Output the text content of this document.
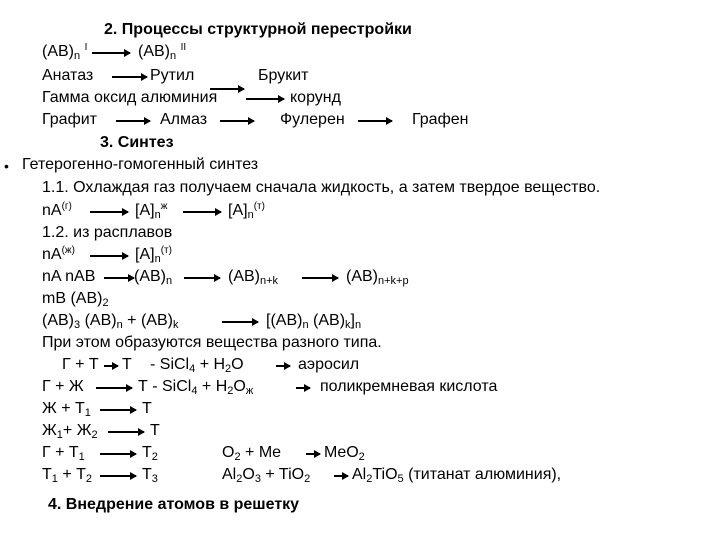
2. Процессы структурной перестройки
$(AB)_n$ $^I$	$(AB)_n$ $^{II}$
Анатаз	Рутил	Брукит
Гамма оксид алюминия	корунд
Графит	Алмаз	Фулерен	Графен
3. Синтез
• Гетерогенно-гомогенный синтез
1.1. Охлаждая газ получаем сначала жидкость, а затем твердое вещество.
$nA^{(г)}$	$[A]_n^ж$	$[A]_n^{(т)}$
1.2. из расплавов
$nA^{(ж)}$	$[A]_n^{(т)}$
nA nAB $(AB)_n$	$(AB)_{n+k}$	$(AB)_{n+k+p}$
mB $(AB)_2$
$(AB)_3$ $(AB)_n + (AB)_k$	[$(AB)_n$ $(AB)_k]_n$
При этом образуются вещества разного типа.
Г + Т Т - SiCl$_4$ + $H_2O$	аэросил
Г + Ж	Т - SiCl$_4$ + $H_2O_ж$	поликремневая кислота
$Ж + Т_1$	Т
$Ж_1+ Ж_2$	Т
$Г + Т_1$	$Т_2$	$O_2 + Me$	MeO$_2$
$Т_1 + Т_2$	$Т_3$	$Al_2O_3 + TiO_2$	$Al_2TiO_5$ (титанат алюминия),
4. Внедрение атомов в решетку
